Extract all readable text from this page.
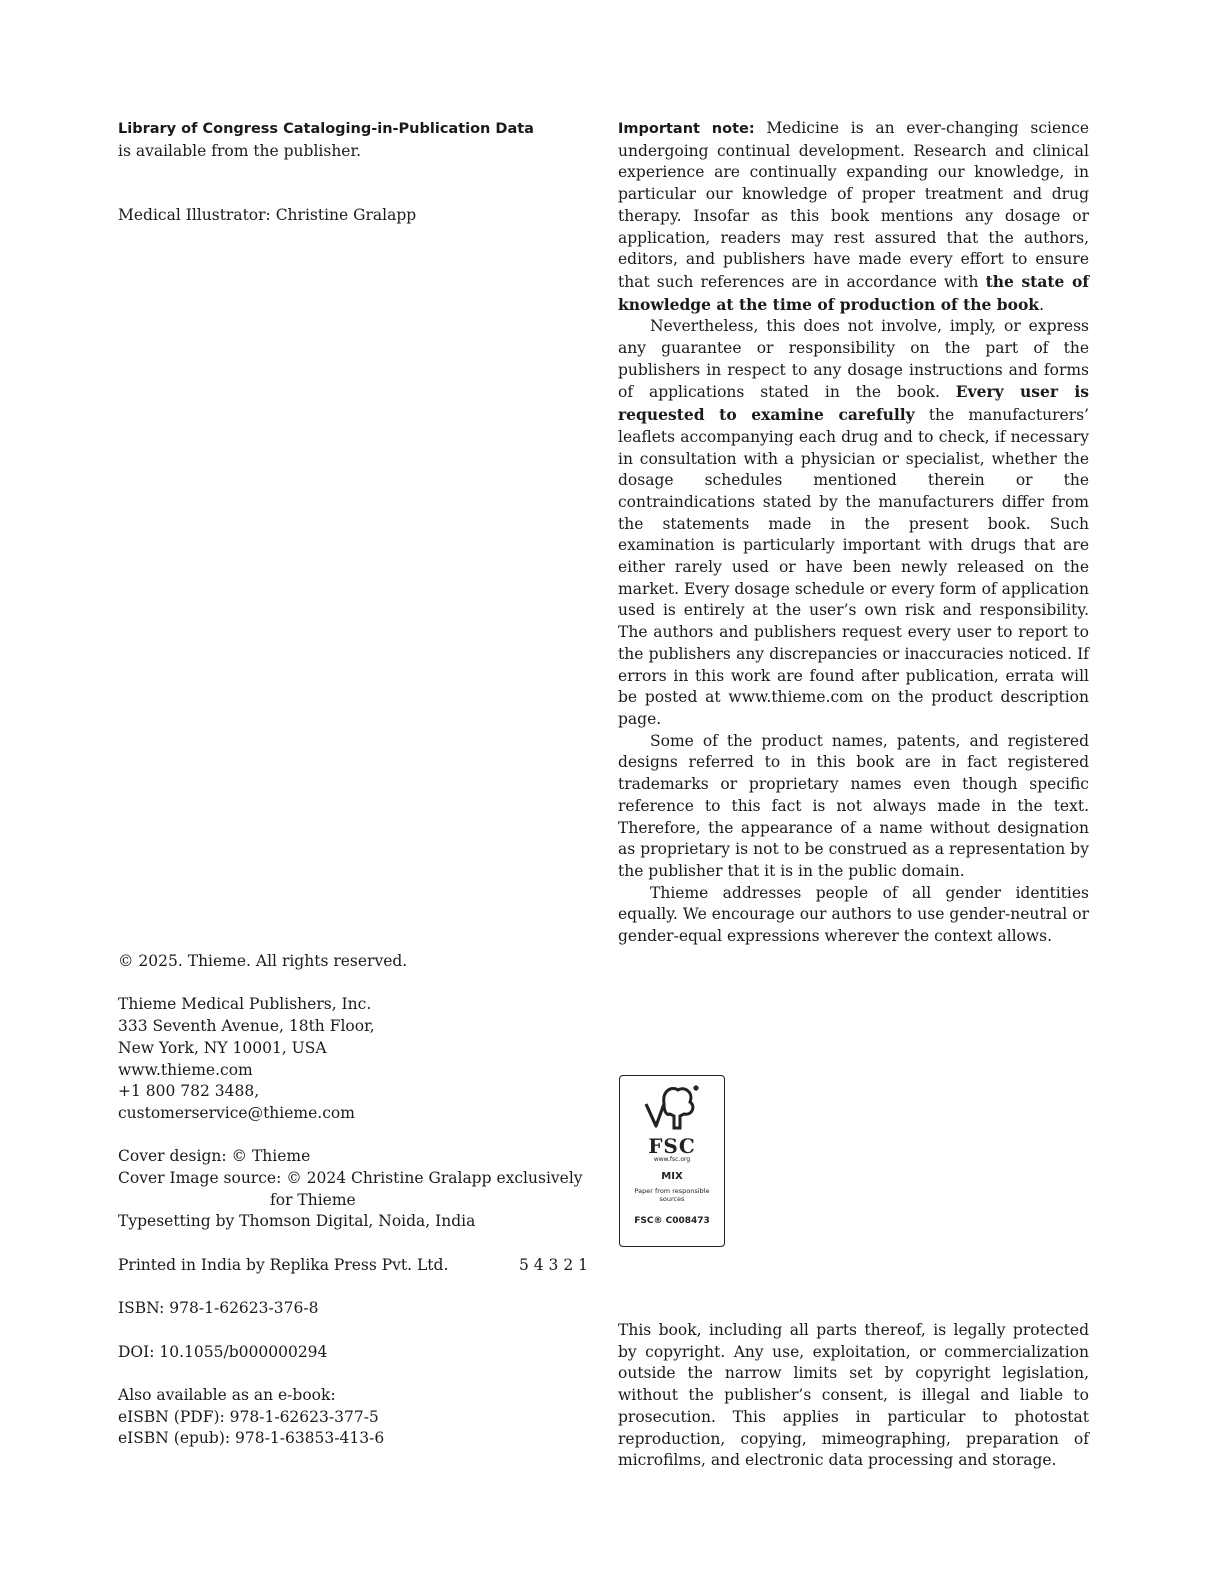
Library of Congress Cataloging-in-Publication Data

is available from the publisher.

Medical Illustrator: Christine Gralapp

Important note: Medicine is an ever-changing science undergoing continual development. Research and clinical experience are continually expanding our knowledge, in particular our knowledge of proper treatment and drug therapy. Insofar as this book mentions any dosage or application, readers may rest assured that the authors, editors, and publishers have made every effort to ensure that such references are in accordance with the state of knowledge at the time of production of the book.

Nevertheless, this does not involve, imply, or express any guarantee or responsibility on the part of the publishers in respect to any dosage instructions and forms of applications stated in the book. Every user is requested to examine carefully the manufacturers’ leaflets accompanying each drug and to check, if necessary in consultation with a physician or specialist, whether the dosage schedules mentioned therein or the contraindications stated by the manufacturers differ from the statements made in the present book. Such examination is particularly important with drugs that are either rarely used or have been newly released on the market. Every dosage schedule or every form of application used is entirely at the user’s own risk and responsibility. The authors and publishers request every user to report to the publishers any discrepancies or inaccuracies noticed. If errors in this work are found after publication, errata will be posted at www.thieme.com on the product description page.

Some of the product names, patents, and registered designs referred to in this book are in fact registered trademarks or proprietary names even though specific reference to this fact is not always made in the text. Therefore, the appearance of a name without designation as proprietary is not to be construed as a representation by the publisher that it is in the public domain.

Thieme addresses people of all gender identities equally. We encourage our authors to use gender-neutral or gender-equal expressions wherever the context allows.

© 2025. Thieme. All rights reserved.

Thieme Medical Publishers, Inc.

333 Seventh Avenue, 18th Floor,

New York, NY 10001, USA

www.thieme.com

+1 800 782 3488,

customerservice@thieme.com

Cover design: © Thieme

Cover Image source: © 2024 Christine Gralapp exclusively

for Thieme

Typesetting by Thomson Digital, Noida, India

Printed in India by Replika Press Pvt. Ltd.	5 4 3 2 1

ISBN: 978-1-62623-376-8

DOI: 10.1055/b000000294

Also available as an e-book:

eISBN (PDF): 978-1-62623-377-5

eISBN (epub): 978-1-63853-413-6

FSC
www.fsc.org
MIX
Paper from responsible sources
FSC® C008473
This book, including all parts thereof, is legally protected by copyright. Any use, exploitation, or commercialization outside the narrow limits set by copyright legislation, without the publisher’s consent, is illegal and liable to prosecution. This applies in particular to photostat reproduction, copying, mimeographing, preparation of microfilms, and electronic data processing and storage.
